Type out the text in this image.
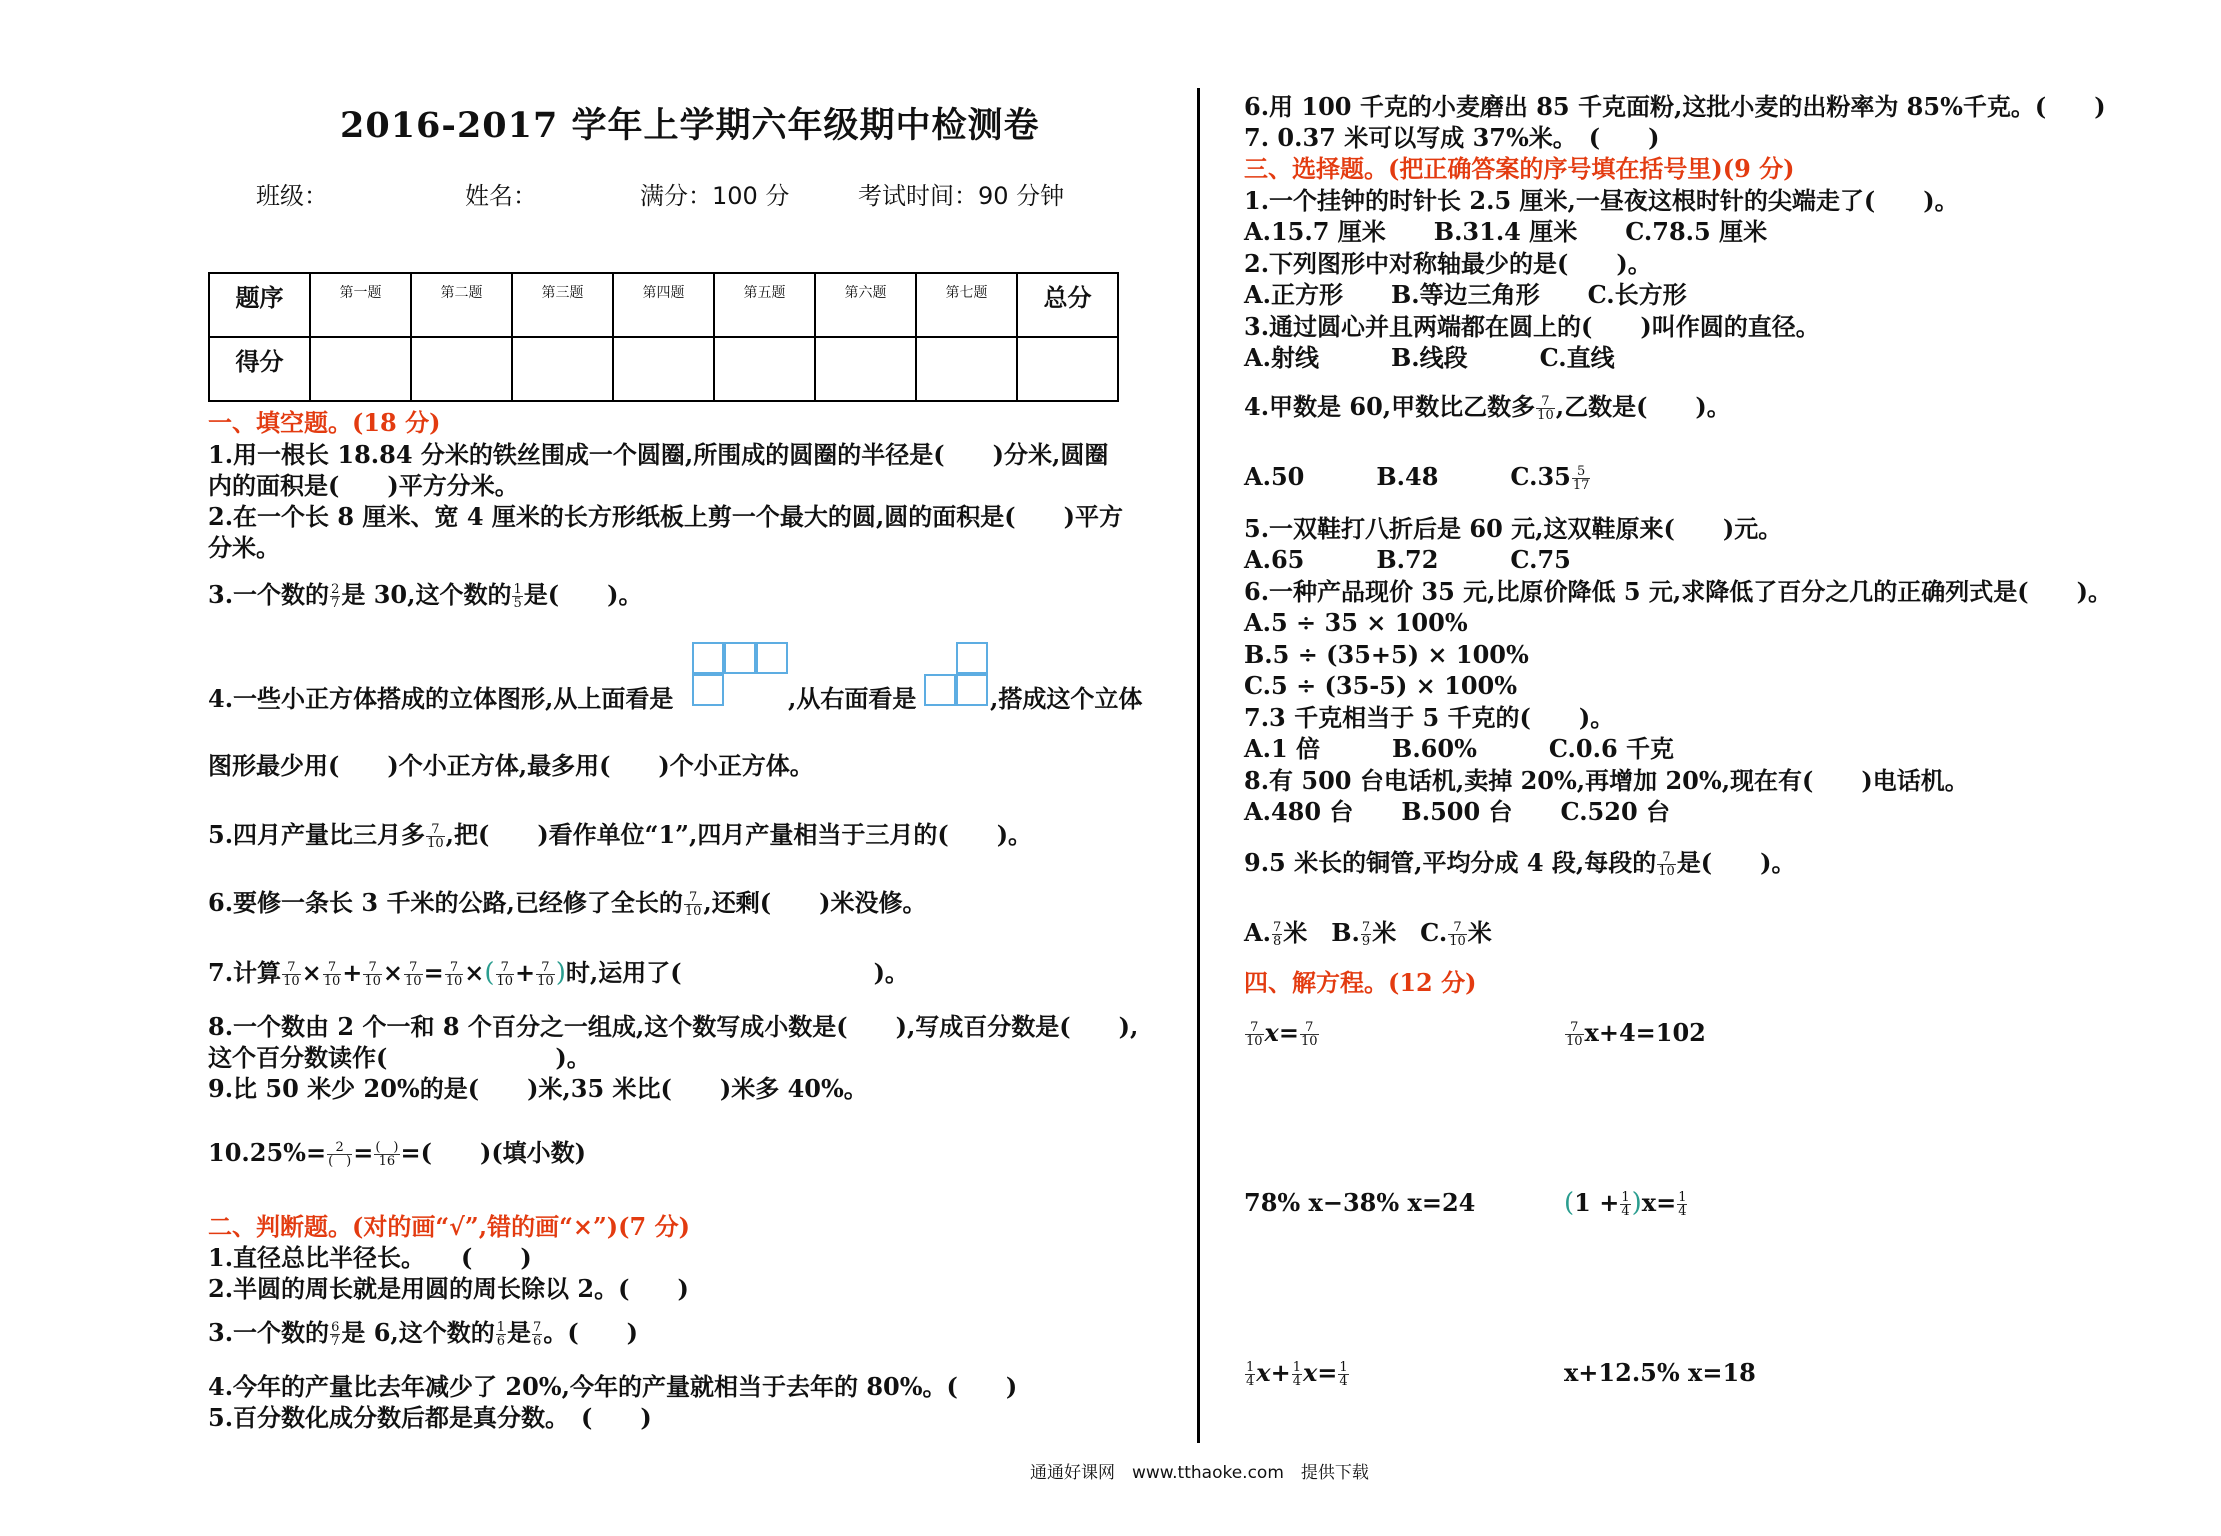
2016-2017 学年上学期六年级期中检测卷
班级：	姓名：	满分：100 分	考试时间：90 分钟
题序	第一题	第二题	第三题	第四题	第五题	第六题	第七题	总分
得分								
一、填空题。(18 分)
1.用一根长 18.84 分米的铁丝围成一个圆圈,所围成的圆圈的半径是(　　)分米,圆圈
内的面积是(　　)平方分米。
2.在一个长 8 厘米、宽 4 厘米的长方形纸板上剪一个最大的圆,圆的面积是(　　)平方
分米。
3.一个数的 $\frac{2}{7}$ 是 30,这个数的 $\frac{1}{5}$ 是(　　)。
4.一些小正方体搭成的立体图形,从上面看是	,从右面看是	,搭成这个立体
图形最少用(　　)个小正方体,最多用(　　)个小正方体。
5.四月产量比三月多 $\frac{7}{10}$ ,把(　　)看作单位“1”,四月产量相当于三月的(　　)。
6.要修一条长 3 千米的公路,已经修了全长的 $\frac{7}{10}$ ,还剩(　　)米没修。
7.计算 $\frac{7}{10} \times \frac{7}{10} + \frac{7}{10} \times \frac{7}{10} = \frac{7}{10}$ ×( $\frac{7}{10} + \frac{7}{10}$ )时,运用了(　　　　　　　　)。
8.一个数由 2 个一和 8 个百分之一组成,这个数写成小数是(　　),写成百分数是(　　),
这个百分数读作(　　　　　　　)。
9.比 50 米少 20%的是(　　)米,35 米比(　　)米多 40%。
$10.25\%= \frac{2}{( )} = \frac{( )}{16}$ =(　　)(填小数)
二、判断题。(对的画“√”,错的画“×”)(7 分)
1.直径总比半径长。　　(　　)
2.半圆的周长就是用圆的周长除以 2。(　　)
3.一个数的 $\frac{6}{7}$ 是 6,这个数的 $\frac{1}{6}$ 是 $\frac{7}{6}$ 。(　　)
4.今年的产量比去年减少了 20%,今年的产量就相当于去年的 80%。(　　)
5.百分数化成分数后都是真分数。　(　　)
6.用 100 千克的小麦磨出 85 千克面粉,这批小麦的出粉率为 85%千克。(　　)
7. 0.37 米可以写成 37%米。　(　　)
三、选择题。(把正确答案的序号填在括号里)(9 分)
1.一个挂钟的时针长 2.5 厘米,一昼夜这根时针的尖端走了(　　)。
A.15.7 厘米　　B.31.4 厘米　　C.78.5 厘米
2.下列图形中对称轴最少的是(　　)。
A.正方形　　B.等边三角形　　C.长方形
3.通过圆心并且两端都在圆上的(　　)叫作圆的直径。
A.射线　　　B.线段　　　C.直线
4.甲数是 60,甲数比乙数多 $\frac{7}{10}$ ,乙数是(　　)。
A.50　　　B.48　　　$C.35 \frac{5}{17}$
5.一双鞋打八折后是 60 元,这双鞋原来(　　)元。
A.65　　　B.72　　　C.75
6.一种产品现价 35 元,比原价降低 5 元,求降低了百分之几的正确列式是(　　)。
A.5 ÷ 35 × 100%
B.5 ÷ (35+5) × 100%
C.5 ÷ (35-5) × 100%
7.3 千克相当于 5 千克的(　　)。
A.1 倍　　　B.60%　　　C.0.6 千克
8.有 500 台电话机,卖掉 20%,再增加 20%,现在有(　　)电话机。
A.480 台　　B.500 台　　C.520 台
9.5 米长的铜管,平均分成 4 段,每段的 $\frac{7}{10}$ 是(　　)。
A. $\frac{7}{8}$ 米　B. $\frac{7}{9}$ 米　C. $\frac{7}{10}$ 米
四、解方程。(12 分)
$\frac{7}{10} x= \frac{7}{10}$	$\frac{7}{10} x+4=102$
78% x−38% x=24	$(1 + \frac{1}{4} )x= \frac{1}{4}$
$\frac{1}{4} x+ \frac{1}{4} x= \frac{1}{4}$	x+12.5% x=18
通通好课网　www.tthaoke.com　提供下载
